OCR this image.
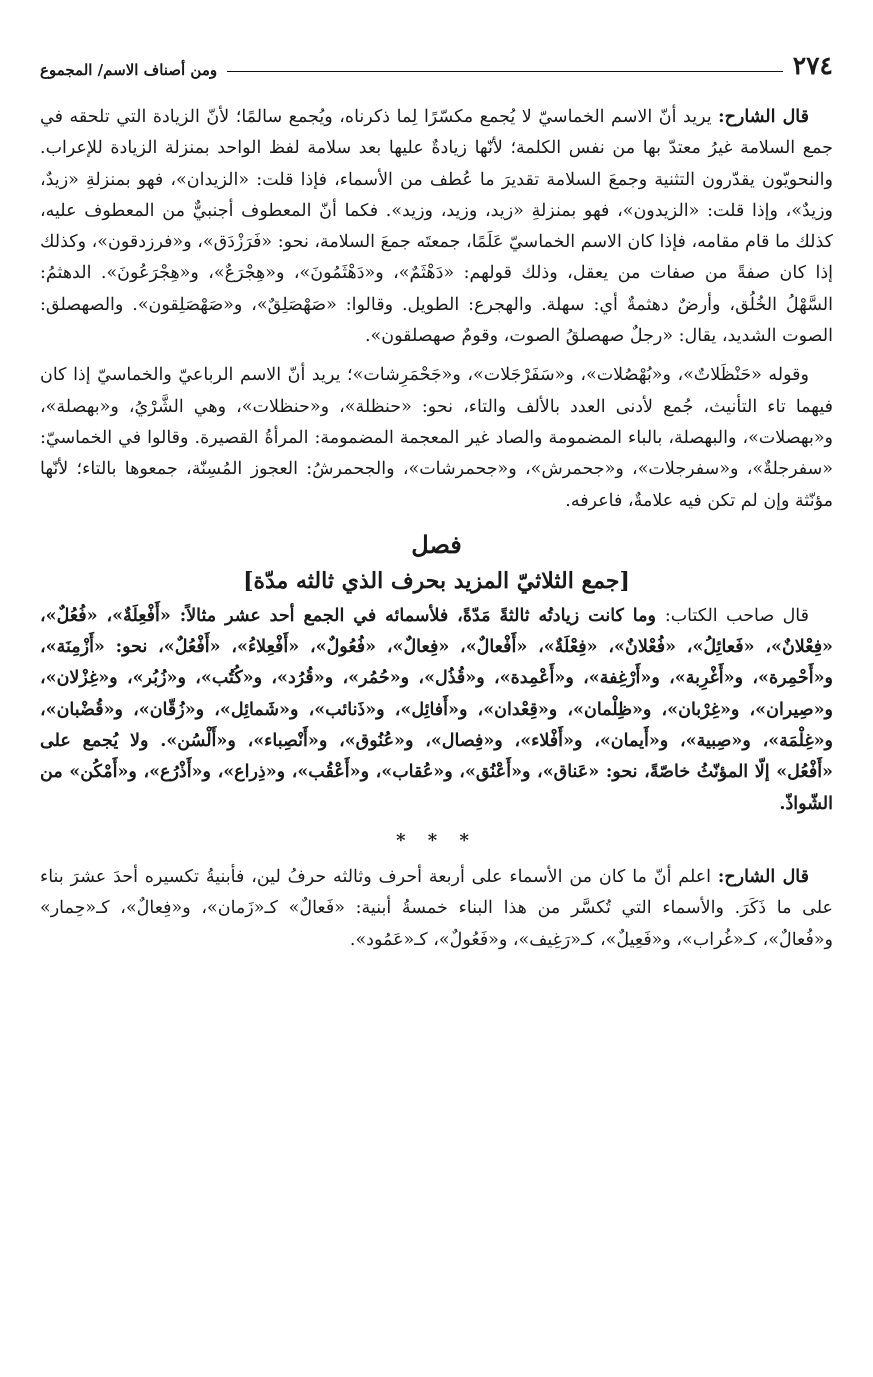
٢٧٤
ومن أصناف الاسم/ المجموع

قال الشارح: يريد أنّ الاسم الخماسيّ لا يُجمع مكسّرًا لِما ذكرناه، ويُجمع سالمًا؛ لأنّ الزيادة التي تلحقه في جمع السلامة غيرُ معتدّ بها من نفس الكلمة؛ لأنّها زيادةٌ عليها بعد سلامة لفظ الواحد بمنزلة الزيادة للإعراب. والنحويّون يقدّرون التثنية وجمعَ السلامة تقديرَ ما عُطف من الأسماء، فإذا قلت: «الزيدان»، فهو بمنزلةِ «زيدٌ، وزيدٌ»، وإذا قلت: «الزيدون»، فهو بمنزلةِ «زيد، وزيد، وزيد». فكما أنّ المعطوف أجنبيٌّ من المعطوف عليه، كذلك ما قام مقامه، فإذا كان الاسم الخماسيّ عَلَمًا، جمعتَه جمعَ السلامة، نحو: «فَرَزْدَق»، و«فرزدقون»، وكذلك إذا كان صفةً من صفات من يعقل، وذلك قولهم: «دَهْثَمٌ»، و«دَهْثَمُونَ»، و«هِجْرَعٌ»، و«هِجْرَعُونَ». الدهثمُ: السَّهْلُ الخُلُق، وأرضٌ دهثمةٌ أي: سهلة. والهجرع: الطويل. وقالوا: «صَهْصَلِقٌ»، و«صَهْصَلِقون». والصهصلق: الصوت الشديد، يقال: «رجلٌ صهصلقُ الصوت، وقومٌ صهصلقون».

وقوله «حَنْظَلاتٌ»، و«بُهْصُلات»، و«سَفَرْجَلات»، و«جَحْمَرِشات»؛ يريد أنّ الاسم الرباعيّ والخماسيّ إذا كان فيهما تاء التأنيث، جُمع لأدنى العدد بالألف والتاء، نحو: «حنظلة»، و«حنظلات»، وهي الشَّرْيُ، و«بهصلة»، و«بهصلات»، والبهصلة، بالباء المضمومة والصاد غير المعجمة المضمومة: المرأةُ القصيرة. وقالوا في الخماسيّ: «سفرجلةٌ»، و«سفرجلات»، و«جحمرش»، و«جحمرشات»، والجحمرشُ: العجوز المُسِنّة، جمعوها بالتاء؛ لأنّها مؤنّثة وإن لم تكن فيه علامةٌ، فاعرفه.

فصل
[جمع الثلاثيّ المزيد بحرف الذي ثالثه مدّة]

قال صاحب الكتاب: وما كانت زيادتُه ثالثةً مَدّةً، فلأسمائه في الجمع أحد عشر مثالاً: «أَفْعِلَةٌ»، «فُعُلٌ»، «فِعْلانٌ»، «فَعائِلُ»، «فُعْلانٌ»، «فِعْلَةٌ»، «أَفْعالٌ»، «فِعالٌ»، «فُعُولٌ»، «أَفْعِلاءُ»، «أَفْعُلٌ»، نحو: «أَزْمِنَة»، و«أَحْمِرة»، و«أَغْرِبة»، و«أَرْغِفة»، و«أَعْمِدة»، و«قُذُل»، و«حُمُر»، و«قُرُد»، و«كُتُب»، و«زُبُر»، و«غِزْلان»، و«صِيران»، و«غِرْبان»، و«ظِلْمان»، و«قِعْدان»، و«أَفائِل»، و«ذَنائب»، و«شَمائِل»، و«زُقّان»، و«قُضْبان»، و«غِلْمَة»، و«صِبية»، و«أَيمان»، و«أَفْلاء»، و«فِصال»، و«عُنُوق»، و«أَنْصِباء»، و«أَلْسُن». ولا يُجمع على «أَفْعُل» إلّا المؤنّثُ خاصّةً، نحو: «عَناق»، و«أَعْنُق»، و«عُقاب»، و«أَعْقُب»، و«ذِراع»، و«أَذْرُع»، و«أَمْكُن» من الشّواذّ.

* * *

قال الشارح: اعلم أنّ ما كان من الأسماء على أربعة أحرف وثالثه حرفُ لين، فأبنيةُ تكسيره أحدَ عشرَ بناء على ما ذَكَرَ. والأسماء التي تُكسَّر من هذا البناء خمسةُ أبنية: «فَعالٌ» كـ«زَمان»، و«فِعالٌ»، كـ«حِمار» و«فُعالٌ»، كـ«غُراب»، و«فَعِيلٌ»، كـ«رَغِيف»، و«فَعُولٌ»، كـ«عَمُود».
